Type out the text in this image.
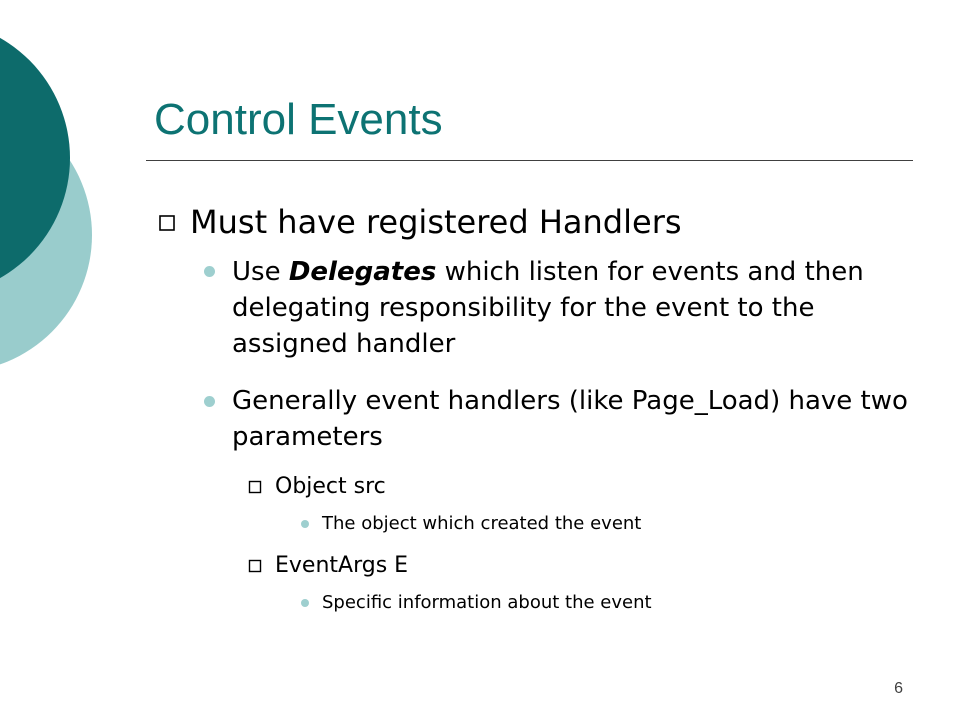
Control Events

Must have registered Handlers

Use Delegates which listen for events and then delegating responsibility for the event to the assigned handler

Generally event handlers (like Page_Load) have two parameters

Object src

The object which created the event

EventArgs E

Specific information about the event

6
